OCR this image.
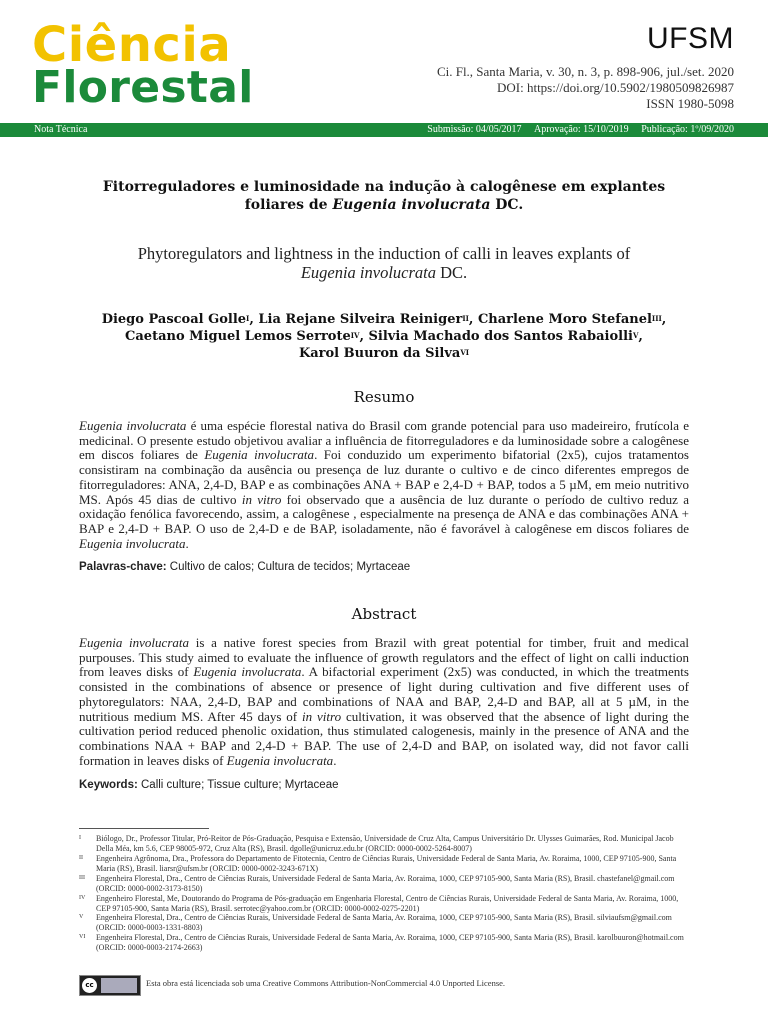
Ciência
Florestal
UFSM
Ci. Fl., Santa Maria, v. 30, n. 3, p. 898-906, jul./set. 2020
DOI: https://doi.org/10.5902/1980509826987
ISSN 1980-5098
Nota Técnica	Submissão: 04/05/2017 Aprovação: 15/10/2019 Publicação: 1º/09/2020
Fitorreguladores e luminosidade na indução à calogênese em explantes
foliares de Eugenia involucrata DC.
Phytoregulators and lightness in the induction of calli in leaves explants of
Eugenia involucrata DC.
Diego Pascoal Golle$^I$, Lia Rejane Silveira Reiniger$^{II}$, Charlene Moro Stefanel$^{III}$,
Caetano Miguel Lemos Serrote$^{IV}$, Silvia Machado dos Santos Rabaiolli$^V$,
Karol Buuron da Silva$^{VI}$
Resumo
Eugenia involucrata é uma espécie florestal nativa do Brasil com grande potencial para uso madeireiro, frutícola e medicinal. O presente estudo objetivou avaliar a influência de fitorreguladores e da luminosidade sobre a calogênese em discos foliares de Eugenia involucrata. Foi conduzido um experimento bifatorial (2x5), cujos tratamentos consistiram na combinação da ausência ou presença de luz durante o cultivo e de cinco diferentes empregos de fitorreguladores: ANA, 2,4-D, BAP e as combinações ANA + BAP e 2,4-D + BAP, todos a 5 µM, em meio nutritivo MS. Após 45 dias de cultivo in vitro foi observado que a ausência de luz durante o período de cultivo reduz a oxidação fenólica favorecendo, assim, a calogênese , especialmente na presença de ANA e das combinações ANA + BAP e 2,4-D + BAP. O uso de 2,4-D e de BAP, isoladamente, não é favorável à calogênese em discos foliares de Eugenia involucrata.
Palavras-chave: Cultivo de calos; Cultura de tecidos; Myrtaceae
Abstract
Eugenia involucrata is a native forest species from Brazil with great potential for timber, fruit and medical purpouses. This study aimed to evaluate the influence of growth regulators and the effect of light on calli induction from leaves disks of Eugenia involucrata. A bifactorial experiment (2x5) was conducted, in which the treatments consisted in the combinations of absence or presence of light during cultivation and five different uses of phytoregulators: NAA, 2,4-D, BAP and combinations of NAA and BAP, 2,4-D and BAP, all at 5 µM, in the nutritious medium MS. After 45 days of in vitro cultivation, it was observed that the absence of light during the cultivation period reduced phenolic oxidation, thus stimulated calogenesis, mainly in the presence of ANA and the combinations NAA + BAP and 2,4-D + BAP. The use of 2,4-D and BAP, on isolated way, did not favor calli formation in leaves disks of Eugenia involucrata.
Keywords: Calli culture; Tissue culture; Myrtaceae
I Biólogo, Dr., Professor Titular, Pró-Reitor de Pós-Graduação, Pesquisa e Extensão, Universidade de Cruz Alta, Campus Universitário Dr. Ulysses Guimarães, Rod. Municipal Jacob Della Méa, km 5.6, CEP 98005-972, Cruz Alta (RS), Brasil. dgolle@unicruz.edu.br (ORCID: 0000-0002-5264-8007)
II Engenheira Agrônoma, Dra., Professora do Departamento de Fitotecnia, Centro de Ciências Rurais, Universidade Federal de Santa Maria, Av. Roraima, 1000, CEP 97105-900, Santa Maria (RS), Brasil. liarsr@ufsm.br (ORCID: 0000-0002-3243-671X)
III Engenheira Florestal, Dra., Centro de Ciências Rurais, Universidade Federal de Santa Maria, Av. Roraima, 1000, CEP 97105-900, Santa Maria (RS), Brasil. chastefanel@gmail.com (ORCID: 0000-0002-3173-8150)
IV Engenheiro Florestal, Me, Doutorando do Programa de Pós-graduação em Engenharia Florestal, Centro de Ciências Rurais, Universidade Federal de Santa Maria, Av. Roraima, 1000, CEP 97105-900, Santa Maria (RS), Brasil. serrotec@yahoo.com.br (ORCID: 0000-0002-0275-2201)
V Engenheira Florestal, Dra., Centro de Ciências Rurais, Universidade Federal de Santa Maria, Av. Roraima, 1000, CEP 97105-900, Santa Maria (RS), Brasil. silviaufsm@gmail.com (ORCID: 0000-0003-1331-8803)
VI Engenheira Florestal, Dra., Centro de Ciências Rurais, Universidade Federal de Santa Maria, Av. Roraima, 1000, CEP 97105-900, Santa Maria (RS), Brasil. karolbuuron@hotmail.com (ORCID: 0000-0003-2174-2663)
cc	Esta obra está licenciada sob uma Creative Commons Attribution-NonCommercial 4.0 Unported License.
